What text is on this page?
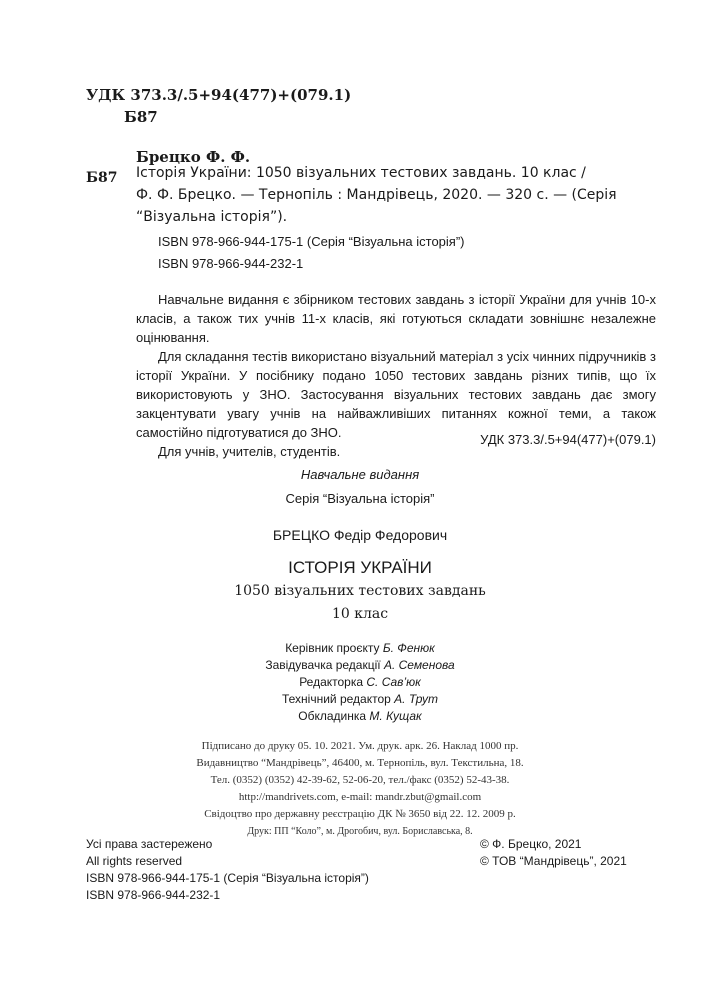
УДК 373.3/.5+94(477)+(079.1)
Б87
Брецко Ф. Ф.
Б87 Історія України: 1050 візуальних тестових завдань. 10 клас /
Ф. Ф. Брецко. — Тернопіль : Мандрівець, 2020. — 320 с. — (Серія
“Візуальна історія”).
ISBN 978-966-944-175-1 (Серія “Візуальна історія”)
ISBN 978-966-944-232-1

Навчальне видання є збірником тестових завдань з історії України для учнів 10-х класів, а також тих учнів 11-х класів, які готуються складати зовнішнє незалежне оцінювання.

Для складання тестів використано візуальний матеріал з усіх чинних підручників з історії України. У посібнику подано 1050 тестових завдань різних типів, що їх використовують у ЗНО. Застосування візуальних тестових завдань дає змогу закцентувати увагу учнів на найважливіших питаннях кожної теми, а також самостійно підготуватися до ЗНО.

Для учнів, учителів, студентів.

УДК 373.3/.5+94(477)+(079.1)
Навчальне видання
Серія “Візуальна історія”
БРЕЦКО Федір Федорович
ІСТОРІЯ УКРАЇНИ
1050 візуальних тестових завдань
10 клас
Керівник проєкту Б. Фенюк
Завідувачка редакції А. Семенова
Редакторка С. Сав’юк
Технічний редактор А. Трут
Обкладинка М. Кущак
Підписано до друку 05. 10. 2021. Ум. друк. арк. 26. Наклад 1000 пр.
Видавництво “Мандрівець”, 46400, м. Тернопіль, вул. Текстильна, 18.
Тел. (0352) (0352) 42-39-62, 52-06-20, тел./факс (0352) 52-43-38.
http://mandrivets.com, e-mail: mandr.zbut@gmail.com
Свідоцтво про державну реєстрацію ДК № 3650 від 22. 12. 2009 р.
Друк: ПП “Коло”, м. Дрогобич, вул. Бориславська, 8.
Усі права застережено
All rights reserved
ISBN 978-966-944-175-1 (Серія “Візуальна історія”)
ISBN 978-966-944-232-1
© Ф. Брецко, 2021
© ТОВ “Мандрівець”, 2021
